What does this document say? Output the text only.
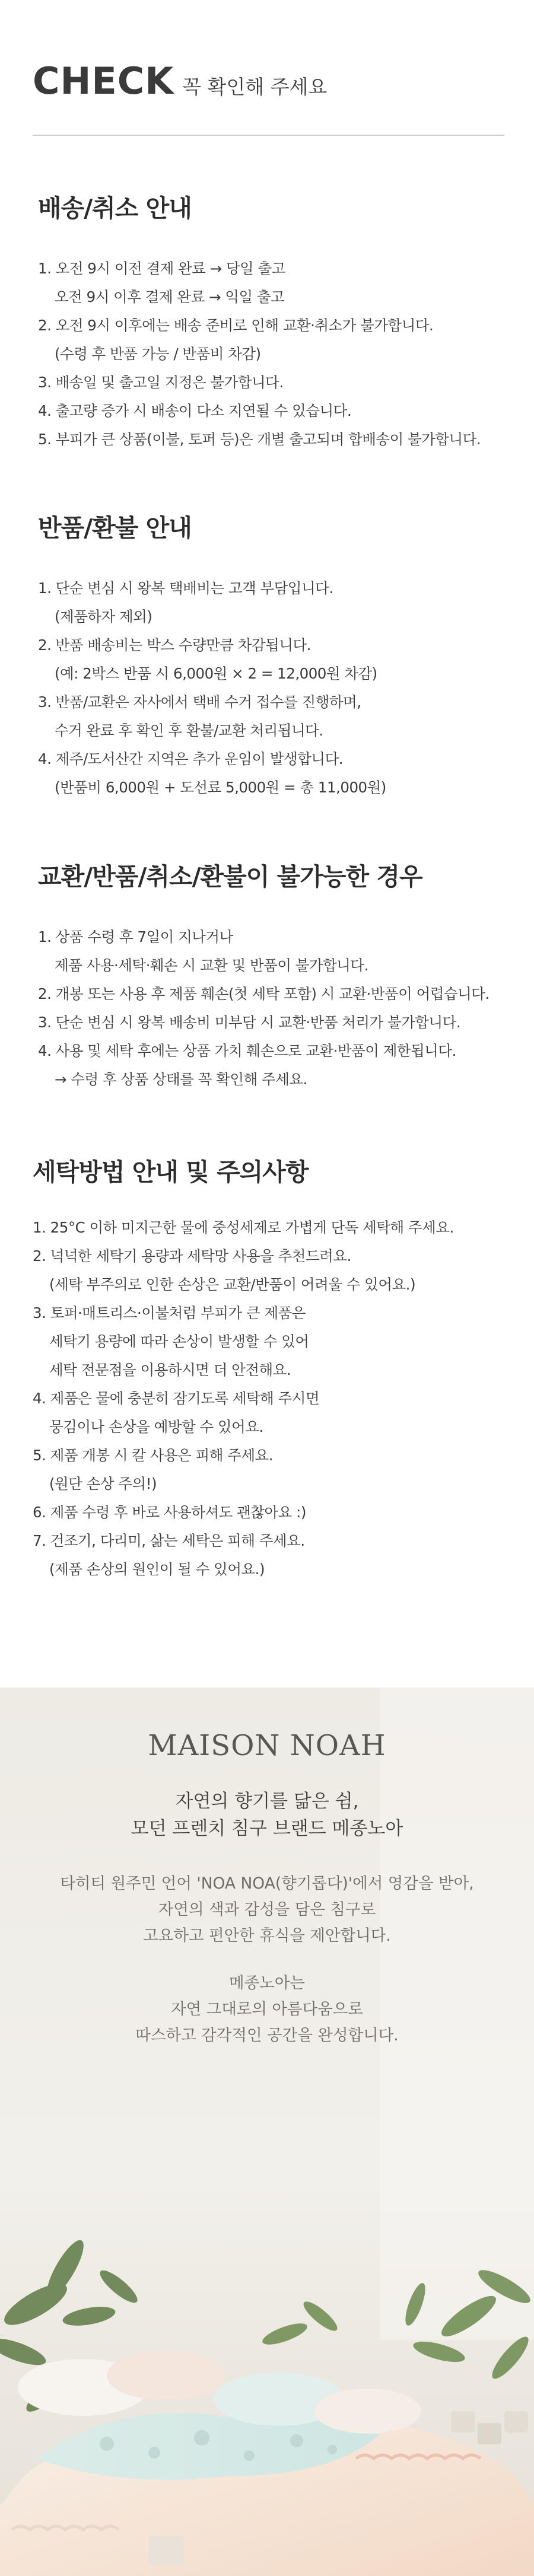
CHECK 꼭 확인해 주세요
배송/취소 안내
1. 오전 9시 이전 결제 완료 → 당일 출고
오전 9시 이후 결제 완료 → 익일 출고
2. 오전 9시 이후에는 배송 준비로 인해 교환·취소가 불가합니다.
(수령 후 반품 가능 / 반품비 차감)
3. 배송일 및 출고일 지정은 불가합니다.
4. 출고량 증가 시 배송이 다소 지연될 수 있습니다.
5. 부피가 큰 상품(이불, 토퍼 등)은 개별 출고되며 합배송이 불가합니다.
반품/환불 안내
1. 단순 변심 시 왕복 택배비는 고객 부담입니다.
(제품하자 제외)
2. 반품 배송비는 박스 수량만큼 차감됩니다.
(예: 2박스 반품 시 6,000원 × 2 = 12,000원 차감)
3. 반품/교환은 자사에서 택배 수거 접수를 진행하며,
수거 완료 후 확인 후 환불/교환 처리됩니다.
4. 제주/도서산간 지역은 추가 운임이 발생합니다.
(반품비 6,000원 + 도선료 5,000원 = 총 11,000원)
교환/반품/취소/환불이 불가능한 경우
1. 상품 수령 후 7일이 지나거나
제품 사용·세탁·훼손 시 교환 및 반품이 불가합니다.
2. 개봉 또는 사용 후 제품 훼손(첫 세탁 포함) 시 교환·반품이 어렵습니다.
3. 단순 변심 시 왕복 배송비 미부담 시 교환·반품 처리가 불가합니다.
4. 사용 및 세탁 후에는 상품 가치 훼손으로 교환·반품이 제한됩니다.
→ 수령 후 상품 상태를 꼭 확인해 주세요.
세탁방법 안내 및 주의사항
1. 25°C 이하 미지근한 물에 중성세제로 가볍게 단독 세탁해 주세요.
2. 넉넉한 세탁기 용량과 세탁망 사용을 추천드려요.
(세탁 부주의로 인한 손상은 교환/반품이 어려울 수 있어요.)
3. 토퍼·매트리스·이불처럼 부피가 큰 제품은
세탁기 용량에 따라 손상이 발생할 수 있어
세탁 전문점을 이용하시면 더 안전해요.
4. 제품은 물에 충분히 잠기도록 세탁해 주시면
뭉김이나 손상을 예방할 수 있어요.
5. 제품 개봉 시 칼 사용은 피해 주세요.
(원단 손상 주의!)
6. 제품 수령 후 바로 사용하셔도 괜찮아요 :)
7. 건조기, 다리미, 삶는 세탁은 피해 주세요.
(제품 손상의 원인이 될 수 있어요.)
MAISON NOAH
자연의 향기를 닮은 쉼,
모던 프렌치 침구 브랜드 메종노아
타히티 원주민 언어 'NOA NOA(향기롭다)'에서 영감을 받아,
자연의 색과 감성을 담은 침구로
고요하고 편안한 휴식을 제안합니다.
메종노아는
자연 그대로의 아름다움으로
따스하고 감각적인 공간을 완성합니다.
